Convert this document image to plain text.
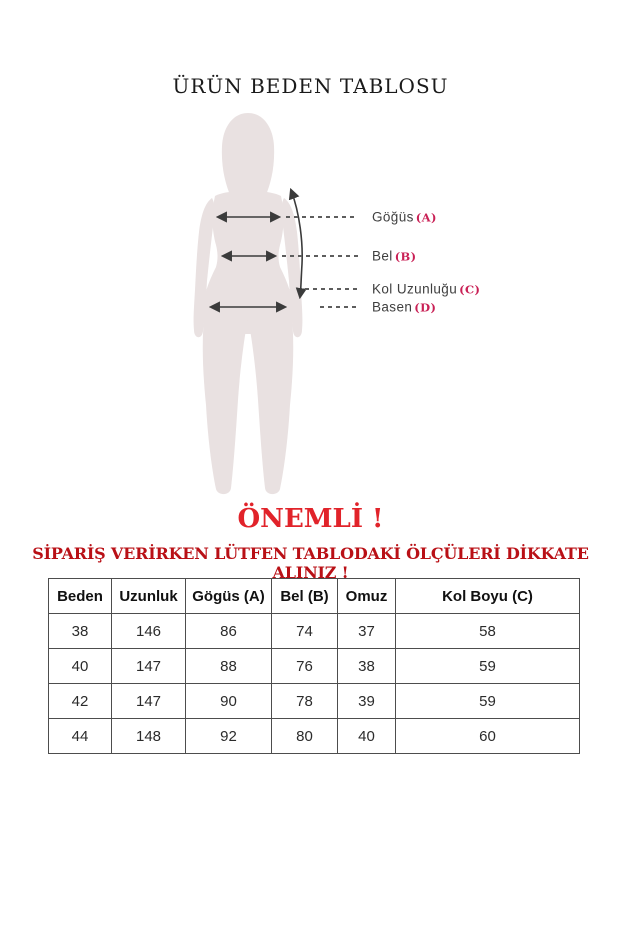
ÜRÜN BEDEN TABLOSU
Göğüs (A)
Bel (B)
Kol Uzunluğu (C)
Basen (D)
ÖNEMLİ !
SİPARİŞ VERİRKEN LÜTFEN TABLODAKİ ÖLÇÜLERİ DİKKATE ALINIZ !
Beden	Uzunluk	Gögüs (A)	Bel (B)	Omuz	Kol Boyu (C)
38	146	86	74	37	58
40	147	88	76	38	59
42	147	90	78	39	59
44	148	92	80	40	60
